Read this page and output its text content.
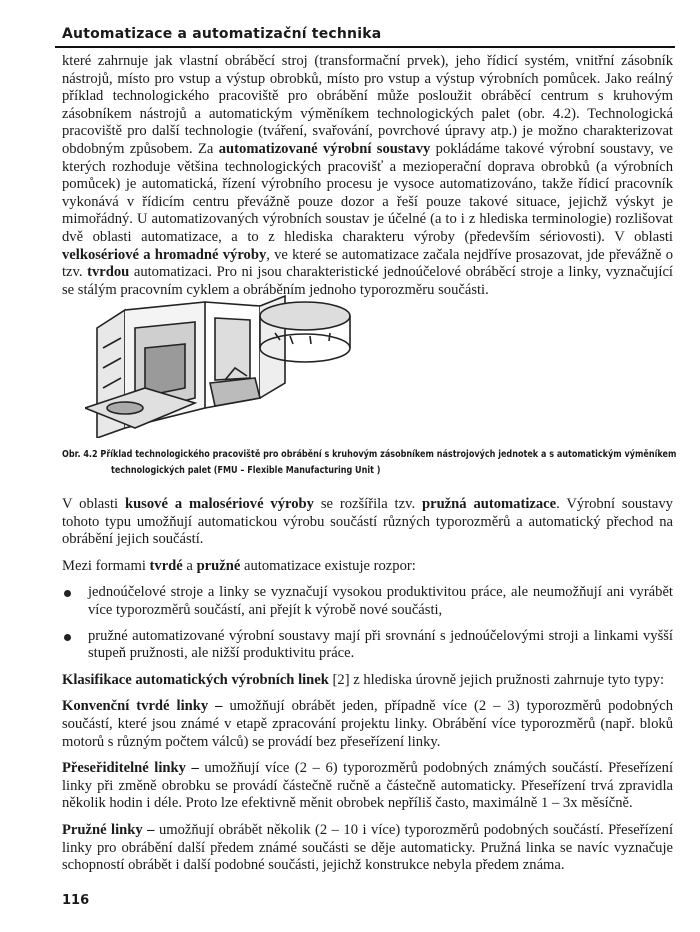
Automatizace a automatizační technika

které zahrnuje jak vlastní obráběcí stroj (transformační prvek), jeho řídicí systém, vnitřní zásobník nástrojů, místo pro vstup a výstup obrobků, místo pro vstup a výstup výrobních pomůcek. Jako reálný příklad technologického pracoviště pro obrábění může posloužit obráběcí centrum s kruhovým zásobníkem nástrojů a automatickým výměníkem technologických palet (obr. 4.2). Technologická pracoviště pro další technologie (tváření, svařování, povrchové úpravy atp.) je možno charakterizovat obdobným způsobem. Za automatizované výrobní soustavy pokládáme takové výrobní soustavy, ve kterých rozhoduje většina technologických pracovišť a mezioperační doprava obrobků (a výrobních pomůcek) je automatická, řízení výrobního procesu je vysoce automatizováno, takže řídicí pracovník vykonává v řídicím centru převážně pouze dozor a řeší pouze takové situace, jejichž výskyt je mimořádný. U automatizovaných výrobních soustav je účelné (a to i z hlediska terminologie) rozlišovat dvě oblasti automatizace, a to z hlediska charakteru výroby (především sériovosti). V oblasti velkosériové a hromadné výroby, ve které se automatizace začala nejdříve prosazovat, jde převážně o tzv. tvrdou automatizaci. Pro ni jsou charakteristické jednoúčelové obráběcí stroje a linky, vyznačující se stálým pracovním cyklem a obráběním jednoho typorozměru součásti.

Obr. 4.2 Příklad technologického pracoviště pro obrábění s kruhovým zásobníkem nástrojových jednotek a s automatickým výměníkem
technologických palet (FMU – Flexible Manufacturing Unit )

V oblasti kusové a malosériové výroby se rozšířila tzv. pružná automatizace. Výrobní soustavy tohoto typu umožňují automatickou výrobu součástí různých typorozměrů a automatický přechod na obrábění jejich součástí.

Mezi formami tvrdé a pružné automatizace existuje rozpor:

jednoúčelové stroje a linky se vyznačují vysokou produktivitou práce, ale neumožňují ani vyrábět více typorozměrů součástí, ani přejít k výrobě nové součásti,
pružné automatizované výrobní soustavy mají při srovnání s jednoúčelovými stroji a linkami vyšší stupeň pružnosti, ale nižší produktivitu práce.

Klasifikace automatických výrobních linek [2] z hlediska úrovně jejich pružnosti zahrnuje tyto typy:

Konvenční tvrdé linky – umožňují obrábět jeden, případně více (2 – 3) typorozměrů podobných součástí, které jsou známé v etapě zpracování projektu linky. Obrábění více typorozměrů (např. bloků motorů s různým počtem válců) se provádí bez přeseřízení linky.

Přeseřiditelné linky – umožňují více (2 – 6) typorozměrů podobných známých součástí. Přeseřízení linky při změně obrobku se provádí částečně ručně a částečně automaticky. Přeseřízení trvá zpravidla několik hodin i déle. Proto lze efektivně měnit obrobek nepříliš často, maximálně 1 – 3x měsíčně.

Pružné linky – umožňují obrábět několik (2 – 10 i více) typorozměrů podobných součástí. Přeseřízení linky pro obrábění další předem známé součásti se děje automaticky. Pružná linka se navíc vyznačuje schopností obrábět i další podobné součásti, jejichž konstrukce nebyla předem známa.

116
